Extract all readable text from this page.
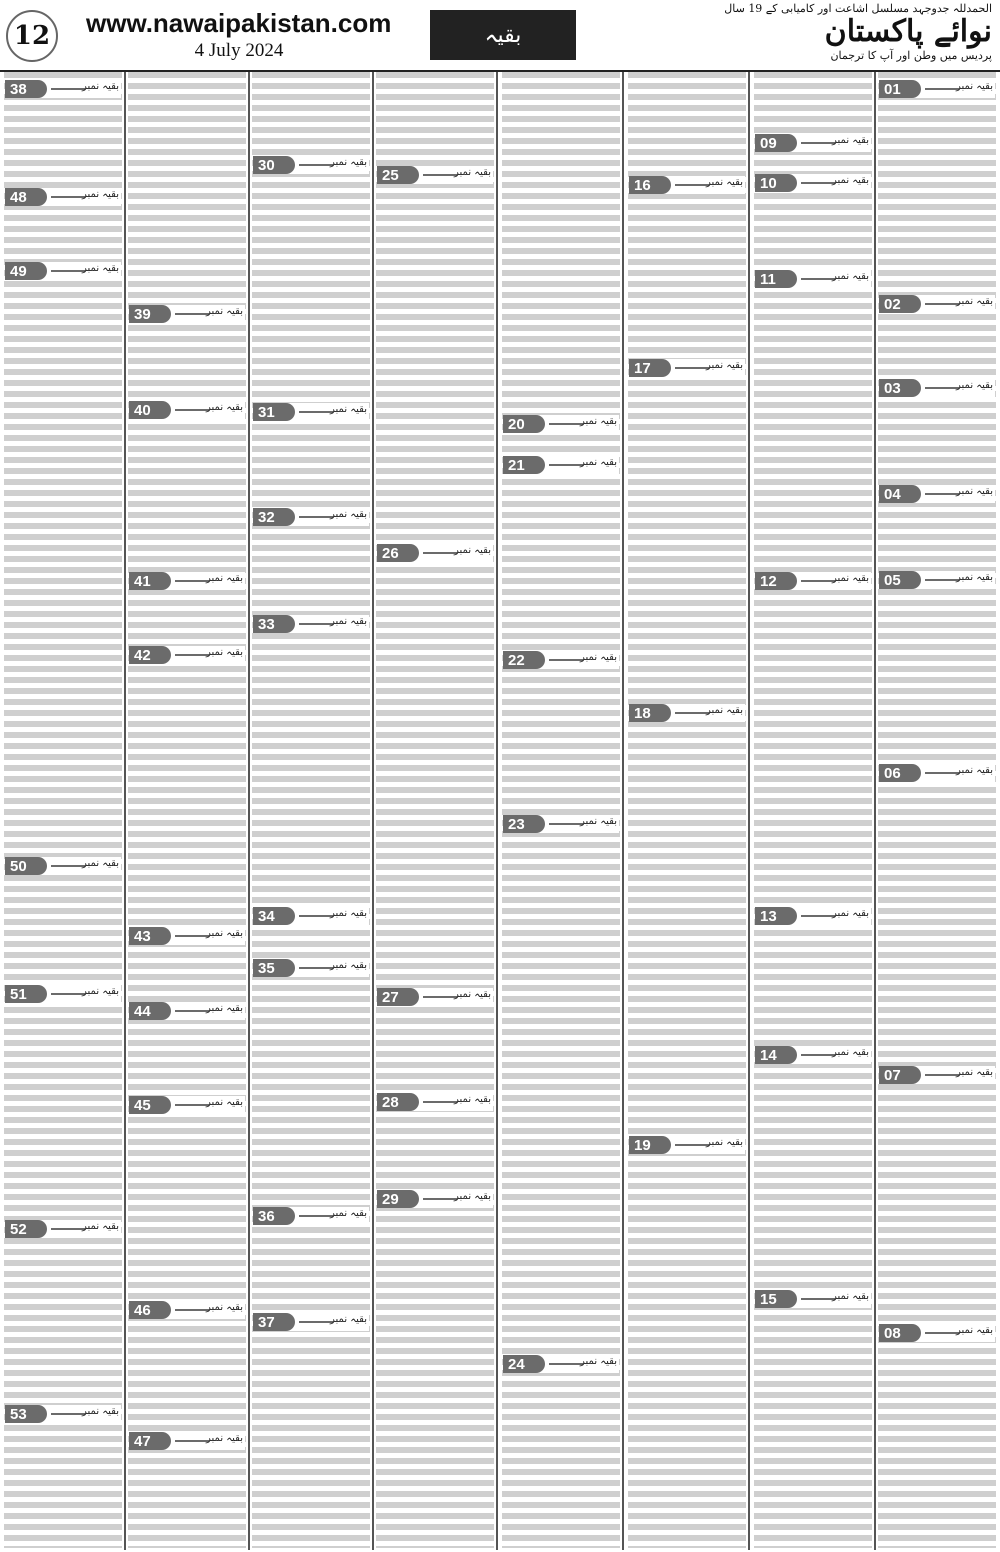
12	www.nawaipakistan.com
4 July 2024
بقیہ
الحمدللہ جدوجہد مسلسل اشاعت اور کامیابی کے 19 سال
نوائے پاکستان
پردیس میں وطن اور آپ کا ترجمان
38	بقیہ نمبر
48	بقیہ نمبر
49	بقیہ نمبر
50	بقیہ نمبر
51	بقیہ نمبر
52	بقیہ نمبر
53	بقیہ نمبر
39	بقیہ نمبر
40	بقیہ نمبر
41	بقیہ نمبر
42	بقیہ نمبر
43	بقیہ نمبر
44	بقیہ نمبر
45	بقیہ نمبر
46	بقیہ نمبر
47	بقیہ نمبر
30	بقیہ نمبر
31	بقیہ نمبر
32	بقیہ نمبر
33	بقیہ نمبر
34	بقیہ نمبر
35	بقیہ نمبر
36	بقیہ نمبر
37	بقیہ نمبر
25	بقیہ نمبر
26	بقیہ نمبر
27	بقیہ نمبر
28	بقیہ نمبر
29	بقیہ نمبر
20	بقیہ نمبر
21	بقیہ نمبر
22	بقیہ نمبر
23	بقیہ نمبر
24	بقیہ نمبر
16	بقیہ نمبر
17	بقیہ نمبر
18	بقیہ نمبر
19	بقیہ نمبر
09	بقیہ نمبر
10	بقیہ نمبر
11	بقیہ نمبر
12	بقیہ نمبر
13	بقیہ نمبر
14	بقیہ نمبر
15	بقیہ نمبر
01	بقیہ نمبر
02	بقیہ نمبر
03	بقیہ نمبر
04	بقیہ نمبر
05	بقیہ نمبر
06	بقیہ نمبر
07	بقیہ نمبر
08	بقیہ نمبر
